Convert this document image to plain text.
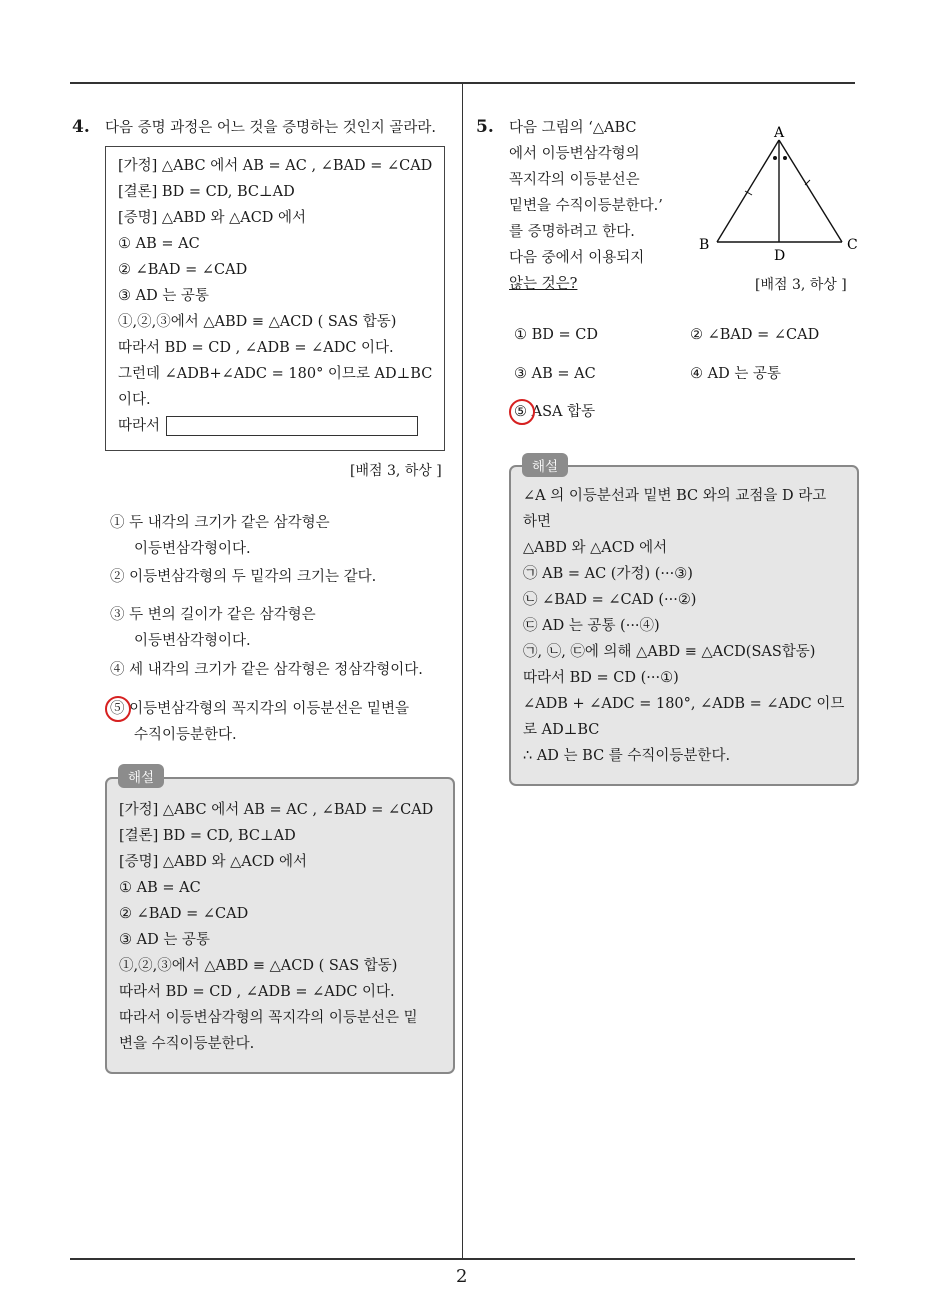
2
4. 다음 증명 과정은 어느 것을 증명하는 것인지 골라라.
[가정] △ABC 에서 AB = AC , ∠BAD = ∠CAD
[결론] BD = CD, BC⊥AD
[증명] △ABD 와 △ACD 에서
① AB = AC
② ∠BAD = ∠CAD
③ AD 는 공통
①,②,③에서 △ABD ≡ △ACD ( SAS 합동)
따라서 BD = CD , ∠ADB = ∠ADC 이다.
그런데 ∠ADB+∠ADC = 180° 이므로 AD⊥BC
이다.
따라서
[배점 3, 하상 ]
① 두 내각의 크기가 같은 삼각형은
이등변삼각형이다.
② 이등변삼각형의 두 밑각의 크기는 같다.
③ 두 변의 길이가 같은 삼각형은
이등변삼각형이다.
④ 세 내각의 크기가 같은 삼각형은 정삼각형이다.
⑤ 이등변삼각형의 꼭지각의 이등분선은 밑변을
수직이등분한다.
[가정] △ABC 에서 AB = AC , ∠BAD = ∠CAD
[결론] BD = CD, BC⊥AD
[증명] △ABD 와 △ACD 에서
① AB = AC
② ∠BAD = ∠CAD
③ AD 는 공통
①,②,③에서 △ABD ≡ △ACD ( SAS 합동)
따라서 BD = CD , ∠ADB = ∠ADC 이다.
따라서 이등변삼각형의 꼭지각의 이등분선은 밑
변을 수직이등분한다.
해설
5. 다음 그림의 ‘△ABC
에서 이등변삼각형의
꼭지각의 이등분선은
밑변을 수직이등분한다.’
를 증명하려고 한다.
다음 중에서 이용되지
않는 것은?
A
B	C
D
[배점 3, 하상 ]
① BD = CD	② ∠BAD = ∠CAD
③ AB = AC	④ AD 는 공통
⑤ ASA 합동
∠A 의 이등분선과 밑변 BC 와의 교점을 D 라고
하면
△ABD 와 △ACD 에서
㉠ AB = AC (가정) (···③)
㉡ ∠BAD = ∠CAD (···②)
㉢ AD 는 공통 (···④)
㉠, ㉡, ㉢에 의해 △ABD ≡ △ACD(SAS합동)
따라서 BD = CD (···①)
∠ADB + ∠ADC = 180°, ∠ADB = ∠ADC 이므
로 AD⊥BC
∴ AD 는 BC 를 수직이등분한다.
해설
